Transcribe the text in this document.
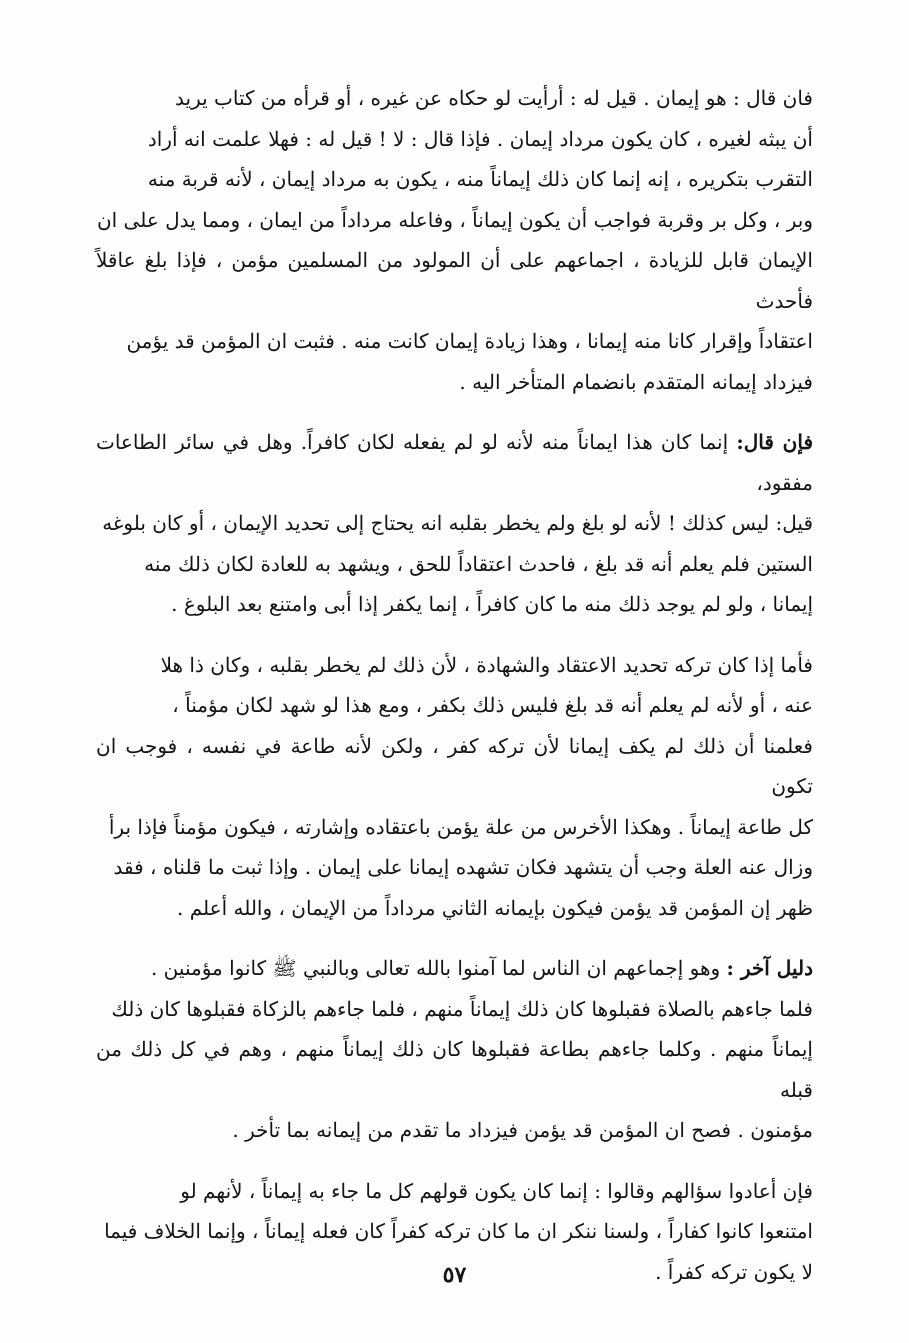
فان قال : هو إيمان . قيل له : أرأيت لو حكاه عن غيره ، أو قرأه من كتاب يريد
أن يبثه لغيره ، كان يكون مرداد إيمان . فإذا قال : لا ! قيل له : فهلا علمت انه أراد
التقرب بتكريره ، إنه إنما كان ذلك إيماناً منه ، يكون به مرداد إيمان ، لأنه قربة منه
وبر ، وكل بر وقربة فواجب أن يكون إيماناً ، وفاعله مرداداً من ايمان ، ومما يدل على ان
الإيمان قابل للزيادة ، اجماعهم على أن المولود من المسلمين مؤمن ، فإذا بلغ عاقلاً فأحدث
اعتقاداً وإقرار كانا منه إيمانا ، وهذا زيادة إيمان كانت منه . فثبت ان المؤمن قد يؤمن
فيزداد إيمانه المتقدم بانضمام المتأخر اليه .

فإن قال: إنما كان هذا ايماناً منه لأنه لو لم يفعله لكان كافراً. وهل في سائر الطاعات مفقود،
قيل: ليس كذلك ! لأنه لو بلغ ولم يخطر بقلبه انه يحتاج إلى تحديد الإيمان ، أو كان بلوغه
الستين فلم يعلم أنه قد بلغ ، فاحدث اعتقاداً للحق ، ويشهد به للعادة لكان ذلك منه
إيمانا ، ولو لم يوجد ذلك منه ما كان كافراً ، إنما يكفر إذا أبى وامتنع بعد البلوغ .

فأما إذا كان تركه تحديد الاعتقاد والشهادة ، لأن ذلك لم يخطر بقلبه ، وكان ذا هلا
عنه ، أو لأنه لم يعلم أنه قد بلغ فليس ذلك بكفر ، ومع هذا لو شهد لكان مؤمناً ،
فعلمنا أن ذلك لم يكف إيمانا لأن تركه كفر ، ولكن لأنه طاعة في نفسه ، فوجب ان تكون
كل طاعة إيماناً . وهكذا الأخرس من علة يؤمن باعتقاده وإشارته ، فيكون مؤمناً فإذا برأ
وزال عنه العلة وجب أن يتشهد فكان تشهده إيمانا على إيمان . وإذا ثبت ما قلناه ، فقد
ظهر إن المؤمن قد يؤمن فيكون بإيمانه الثاني مرداداً من الإيمان ، والله أعلم .

دليل آخر : وهو إجماعهم ان الناس لما آمنوا بالله تعالى وبالنبي ﷺ كانوا مؤمنين .
فلما جاءهم بالصلاة فقبلوها كان ذلك إيماناً منهم ، فلما جاءهم بالزكاة فقبلوها كان ذلك
إيماناً منهم . وكلما جاءهم بطاعة فقبلوها كان ذلك إيماناً منهم ، وهم في كل ذلك من قبله
مؤمنون . فصح ان المؤمن قد يؤمن فيزداد ما تقدم من إيمانه بما تأخر .

فإن أعادوا سؤالهم وقالوا : إنما كان يكون قولهم كل ما جاء به إيماناً ، لأنهم لو
امتنعوا كانوا كفاراً ، ولسنا ننكر ان ما كان تركه كفراً كان فعله إيماناً ، وإنما الخلاف فيما
لا يكون تركه كفراً .

٥٧
